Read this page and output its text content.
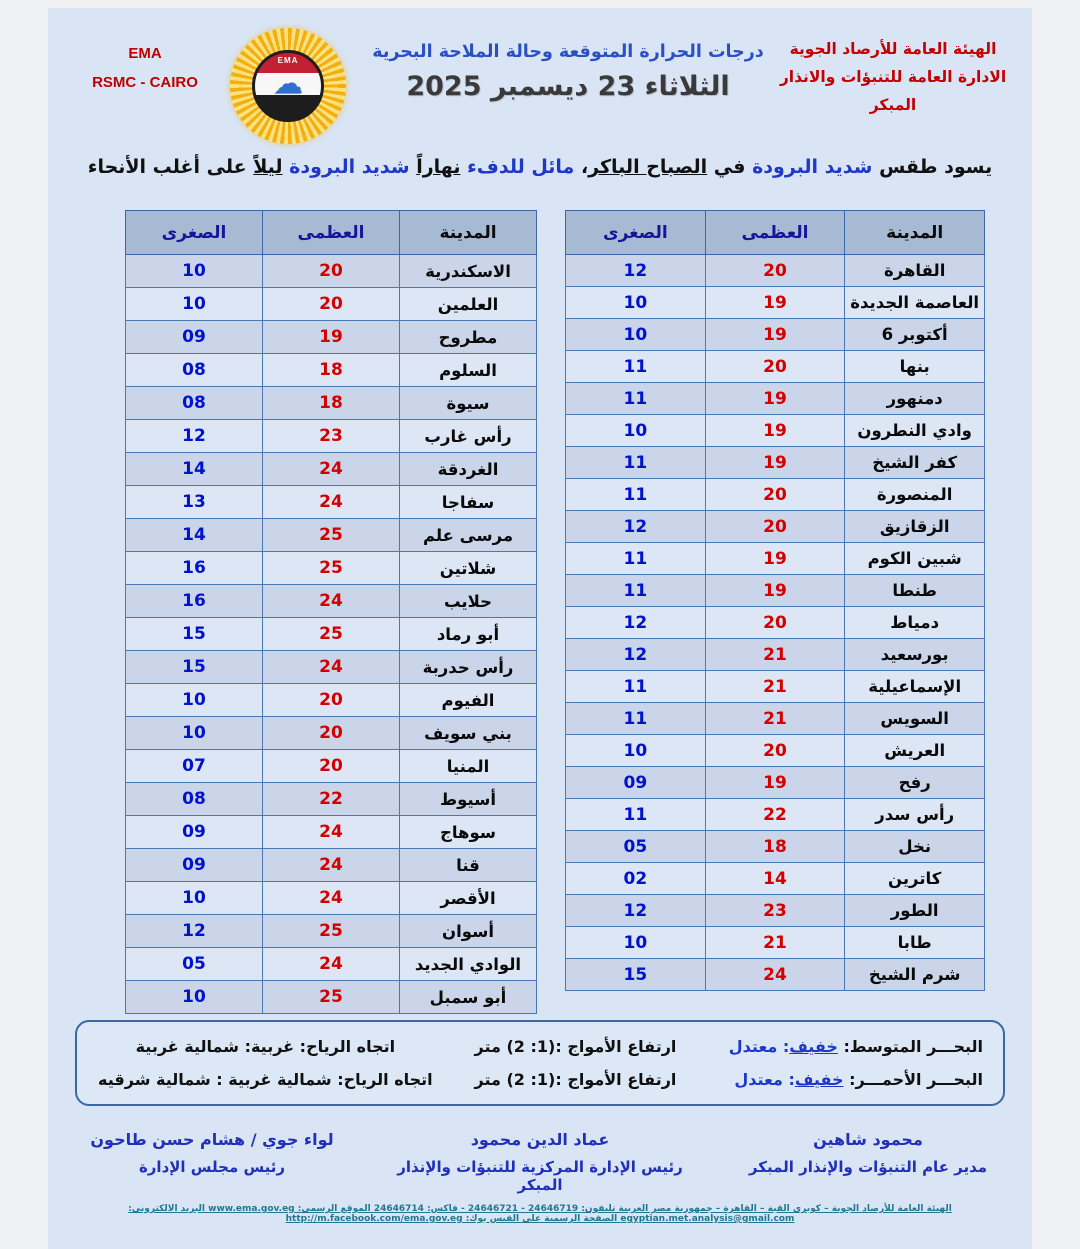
EMA
RSMC - CAIRO
EMA
☁
درجات الحرارة المتوقعة وحالة الملاحة البحرية
الثلاثاء 23 ديسمبر 2025
الهيئة العامة للأرصاد الجوية
الادارة العامة للتنبؤات والانذار المبكر
يسود طقس شديد البرودة في الصباح الباكر، مائل للدفء نهاراً شديد البرودة ليلاً على أغلب الأنحاء
المدينة	العظمى	الصغرى
القاهرة	20	12
العاصمة الجديدة	19	10
6 أكتوبر	19	10
بنها	20	11
دمنهور	19	11
وادي النطرون	19	10
كفر الشيخ	19	11
المنصورة	20	11
الزقازيق	20	12
شبين الكوم	19	11
طنطا	19	11
دمياط	20	12
بورسعيد	21	12
الإسماعيلية	21	11
السويس	21	11
العريش	20	10
رفح	19	09
رأس سدر	22	11
نخل	18	05
كاترين	14	02
الطور	23	12
طابا	21	10
شرم الشيخ	24	15
المدينة	العظمى	الصغرى
الاسكندرية	20	10
العلمين	20	10
مطروح	19	09
السلوم	18	08
سيوة	18	08
رأس غارب	23	12
الغردقة	24	14
سفاجا	24	13
مرسى علم	25	14
شلاتين	25	16
حلايب	24	16
أبو رماد	25	15
رأس حدربة	24	15
الفيوم	20	10
بني سويف	20	10
المنيا	20	07
أسيوط	22	08
سوهاج	24	09
قنا	24	09
الأقصر	24	10
أسوان	25	12
الوادي الجديد	24	05
أبو سمبل	25	10
البحـــر المتوسط: خفيف: معتدل
ارتفاع الأمواج :(1: 2) متر
اتجاه الرياح: غربية: شمالية غربية
البحـــر الأحمـــر: خفيف: معتدل
ارتفاع الأمواج :(1: 2) متر
اتجاه الرياح: شمالية غربية : شمالية شرقيه
محمود شاهين
مدير عام التنبؤات والإنذار المبكر
عماد الدين محمود
رئيس الإدارة المركزية للتنبؤات والإنذار المبكر
لواء جوي / هشام حسن طاحون
رئيس مجلس الإدارة
الهيئة العامة للأرصاد الجوية – كوبرى القبة – القاهرة – جمهورية مصر العربية تليفون: 24646719 - 24646721 - فاكس: 24646714 الموقع الرسمى: www.ema.gov.eg البريد الالكترونى: egyptian.met.analysis@gmail.com الصفحة الرسمية على الفيس بوك: http://m.facebook.com/ema.gov.eg
